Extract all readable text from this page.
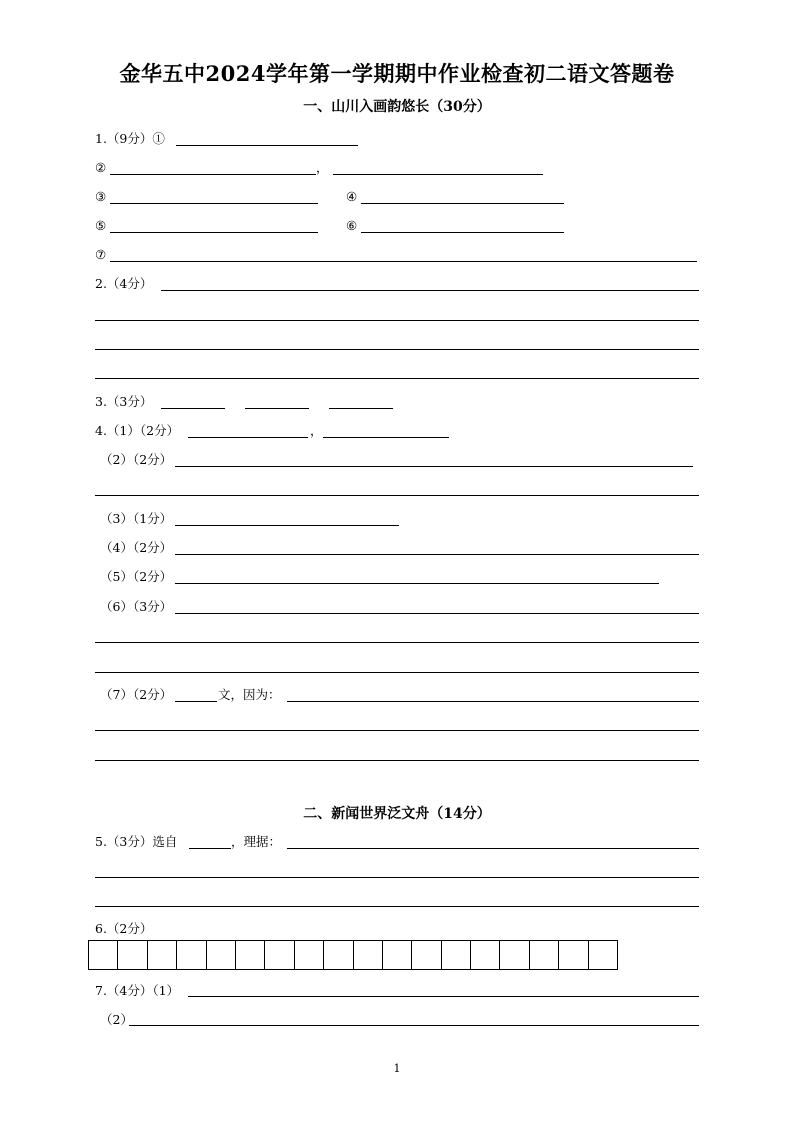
金华五中2024学年第一学期期中作业检查初二语文答题卷
一、山川入画韵悠长（30分）
1.（9分）①
②	，
③	④
⑤	⑥
⑦
2.（4分）
3.（3分）
4.（1）（2分）	，
（2）（2分）
（3）（1分）
（4）（2分）
（5）（2分）
（6）（3分）
（7）（2分）	文，因为：
二、新闻世界泛文舟（14分）
5.（3分）选自	，理据：
6.（2分）
7.（4分）（1）
（2）
1
